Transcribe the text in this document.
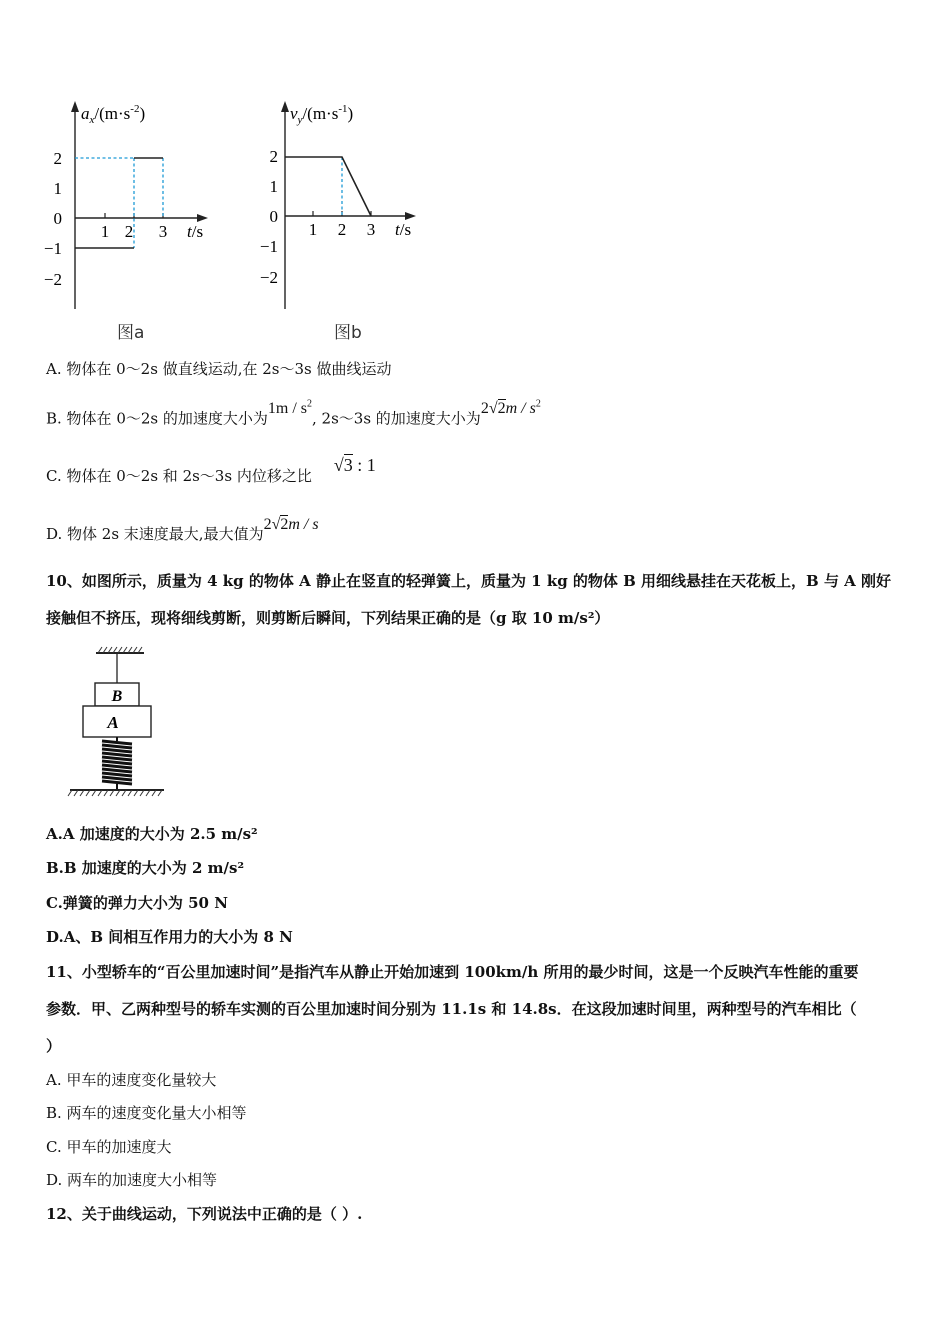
2
1
0
−1
−2
1 2 3
$a_x/(m\cdot s^{-2})$
t/s
图a
2
1
0
−1
−2
1 2 3
$v_y/(m\cdot s^{-1})$
t/s
图b
A. 物体在 0～2s 做直线运动,在 2s～3s 做曲线运动
B. 物体在 0～2s 的加速度大小为$1m / s^2$, 2s～3s 的加速度大小为$2√2m / s^2$
C. 物体在 0～2s 和 2s～3s 内位移之比√3 : 1
D. 物体 2s 末速度最大,最大值为2√2m / s
10、如图所示，质量为 4 kg 的物体 A 静止在竖直的轻弹簧上，质量为 1 kg 的物体 B 用细线悬挂在天花板上，B 与 A 刚好
接触但不挤压，现将细线剪断，则剪断后瞬间，下列结果正确的是（g 取 10 m/s²）
B
A
A.A 加速度的大小为 2.5 m/s²
B.B 加速度的大小为 2 m/s²
C.弹簧的弹力大小为 50 N
D.A、B 间相互作用力的大小为 8 N
11、小型轿车的“百公里加速时间”是指汽车从静止开始加速到 100km/h 所用的最少时间，这是一个反映汽车性能的重要
参数．甲、乙两种型号的轿车实测的百公里加速时间分别为 11.1s 和 14.8s．在这段加速时间里，两种型号的汽车相比（
）
A. 甲车的速度变化量较大
B. 两车的速度变化量大小相等
C. 甲车的加速度大
D. 两车的加速度大小相等
12、关于曲线运动，下列说法中正确的是（ ）.
